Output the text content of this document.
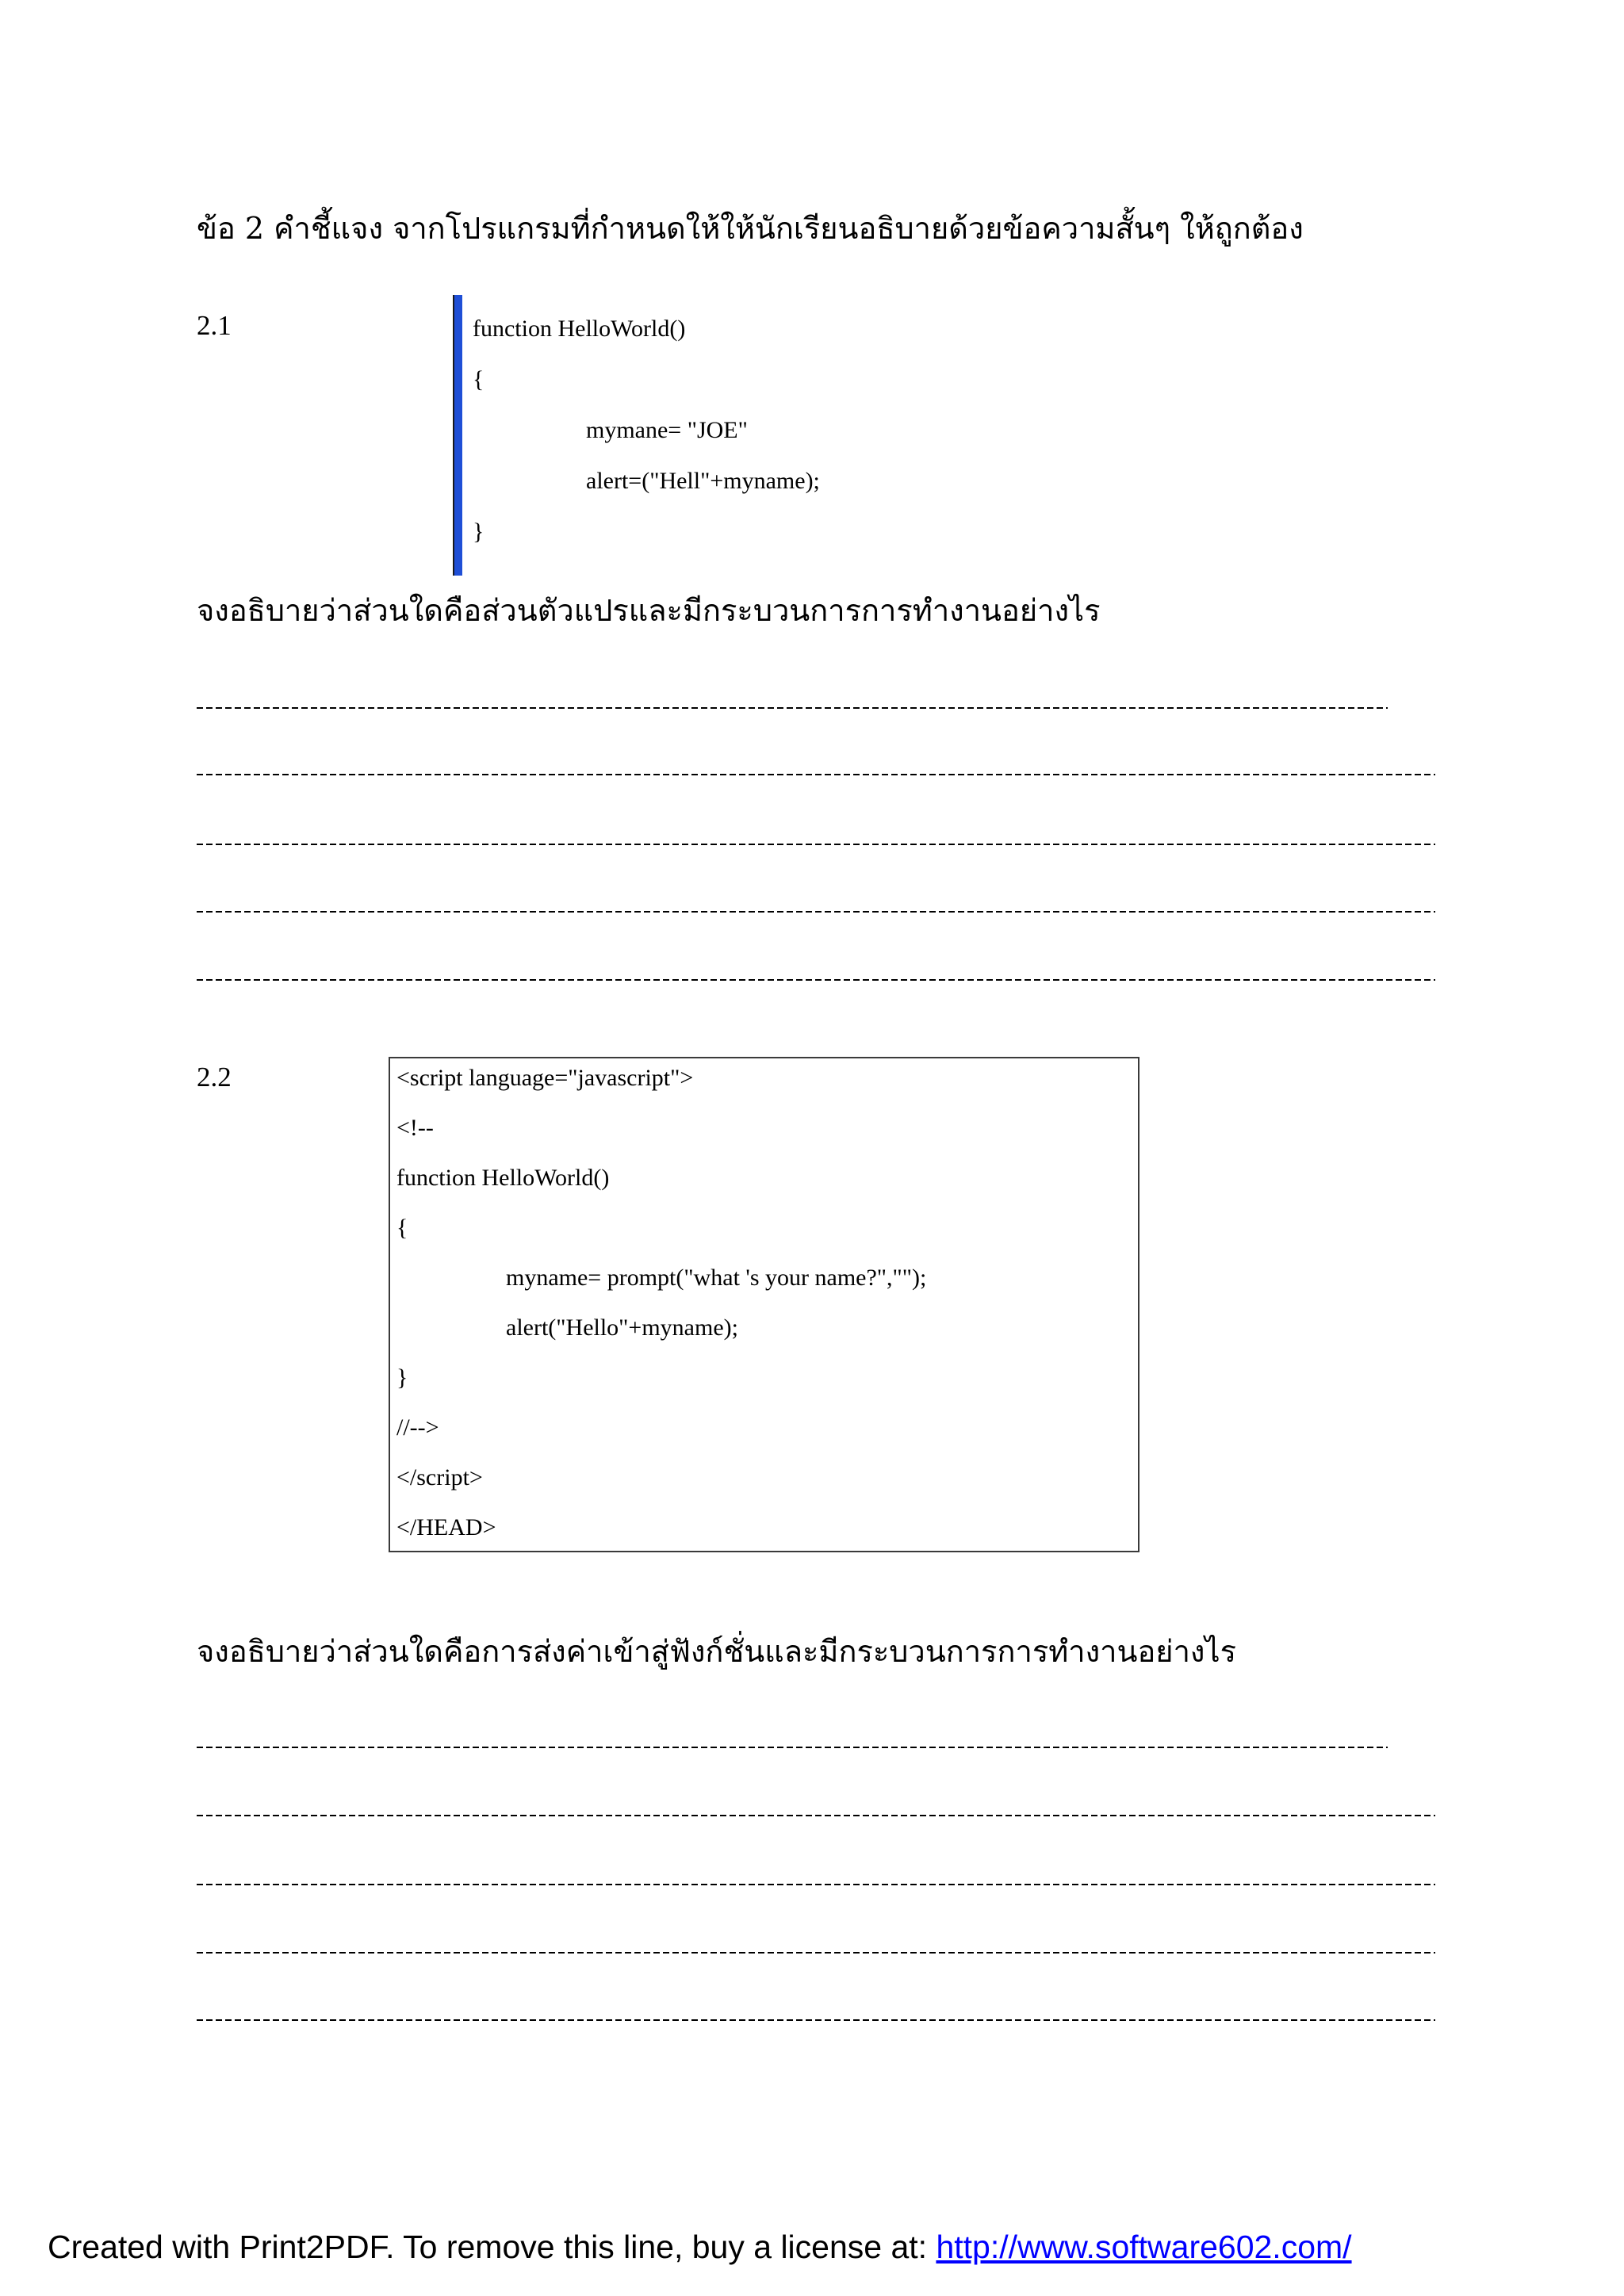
ข้อ 2 คำชี้แจง จากโปรแกรมที่กำหนดให้ให้นักเรียนอธิบายด้วยข้อความสั้นๆ ให้ถูกต้อง
2.1	function HelloWorld()
{
mymane= "JOE"
alert=("Hell"+myname);
}
จงอธิบายว่าส่วนใดคือส่วนตัวแปรและมีกระบวนการการทำงานอย่างไร
2.2	<script language="javascript">
<!--
function HelloWorld()
{
myname= prompt("what 's your name?","");
alert("Hello"+myname);
}
//-->
</script>
</HEAD>
จงอธิบายว่าส่วนใดคือการส่งค่าเข้าสู่ฟังก์ชั่นและมีกระบวนการการทำงานอย่างไร
Created with Print2PDF. To remove this line, buy a license at: http://www.software602.com/
